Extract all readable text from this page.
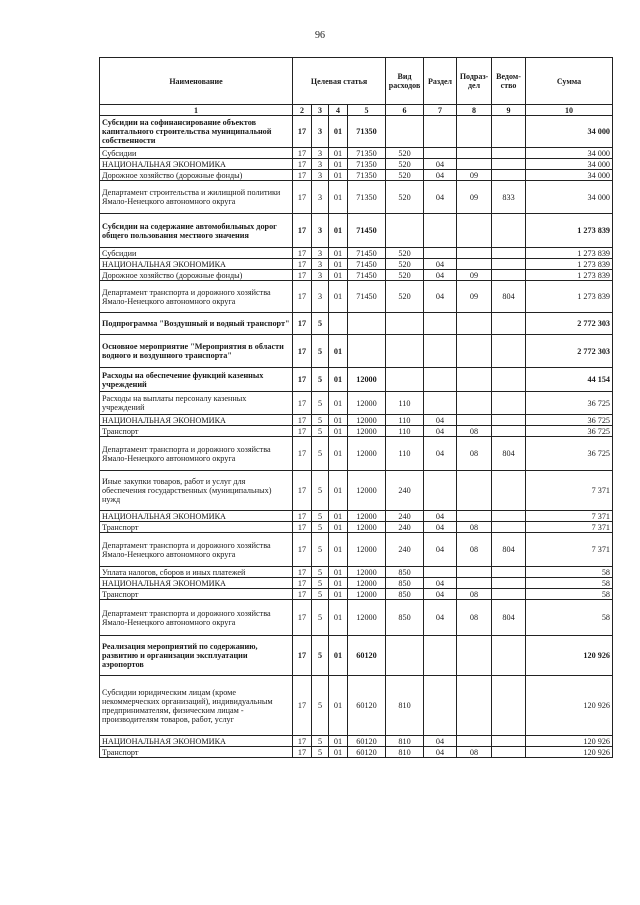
96
Наименование	Целевая статья				Вид расходов	Раздел	Подраз-дел	Ведом-ство	Сумма
1	2	3	4	5	6	7	8	9	10
Субсидии на софинансирование объектов капитального строительства муниципальной собственности	17	3	01	71350					34 000
Субсидии	17	3	01	71350	520				34 000
НАЦИОНАЛЬНАЯ ЭКОНОМИКА	17	3	01	71350	520	04			34 000
Дорожное хозяйство (дорожные фонды)	17	3	01	71350	520	04	09		34 000
Департамент строительства и жилищной политики Ямало-Ненецкого автономного округа	17	3	01	71350	520	04	09	833	34 000
Субсидии на содержание автомобильных дорог общего пользования местного значения	17	3	01	71450					1 273 839
Субсидии	17	3	01	71450	520				1 273 839
НАЦИОНАЛЬНАЯ ЭКОНОМИКА	17	3	01	71450	520	04			1 273 839
Дорожное хозяйство (дорожные фонды)	17	3	01	71450	520	04	09		1 273 839
Департамент транспорта и дорожного хозяйства Ямало-Ненецкого автономного округа	17	3	01	71450	520	04	09	804	1 273 839
Подпрограмма "Воздушный и водный транспорт"	17	5							2 772 303
Основное мероприятие "Мероприятия в области водного и воздушного транспорта"	17	5	01						2 772 303
Расходы на обеспечение функций казенных учреждений	17	5	01	12000					44 154
Расходы на выплаты персоналу казенных учреждений	17	5	01	12000	110				36 725
НАЦИОНАЛЬНАЯ ЭКОНОМИКА	17	5	01	12000	110	04			36 725
Транспорт	17	5	01	12000	110	04	08		36 725
Департамент транспорта и дорожного хозяйства Ямало-Ненецкого автономного округа	17	5	01	12000	110	04	08	804	36 725
Иные закупки товаров, работ и услуг для обеспечения государственных (муниципальных) нужд	17	5	01	12000	240				7 371
НАЦИОНАЛЬНАЯ ЭКОНОМИКА	17	5	01	12000	240	04			7 371
Транспорт	17	5	01	12000	240	04	08		7 371
Департамент транспорта и дорожного хозяйства Ямало-Ненецкого автономного округа	17	5	01	12000	240	04	08	804	7 371
Уплата налогов, сборов и иных платежей	17	5	01	12000	850				58
НАЦИОНАЛЬНАЯ ЭКОНОМИКА	17	5	01	12000	850	04			58
Транспорт	17	5	01	12000	850	04	08		58
Департамент транспорта и дорожного хозяйства Ямало-Ненецкого автономного округа	17	5	01	12000	850	04	08	804	58
Реализация мероприятий по содержанию, развитию и организации эксплуатации аэропортов	17	5	01	60120					120 926
Субсидии юридическим лицам (кроме некоммерческих организаций), индивидуальным предпринимателям, физическим лицам - производителям товаров, работ, услуг	17	5	01	60120	810				120 926
НАЦИОНАЛЬНАЯ ЭКОНОМИКА	17	5	01	60120	810	04			120 926
Транспорт	17	5	01	60120	810	04	08		120 926
